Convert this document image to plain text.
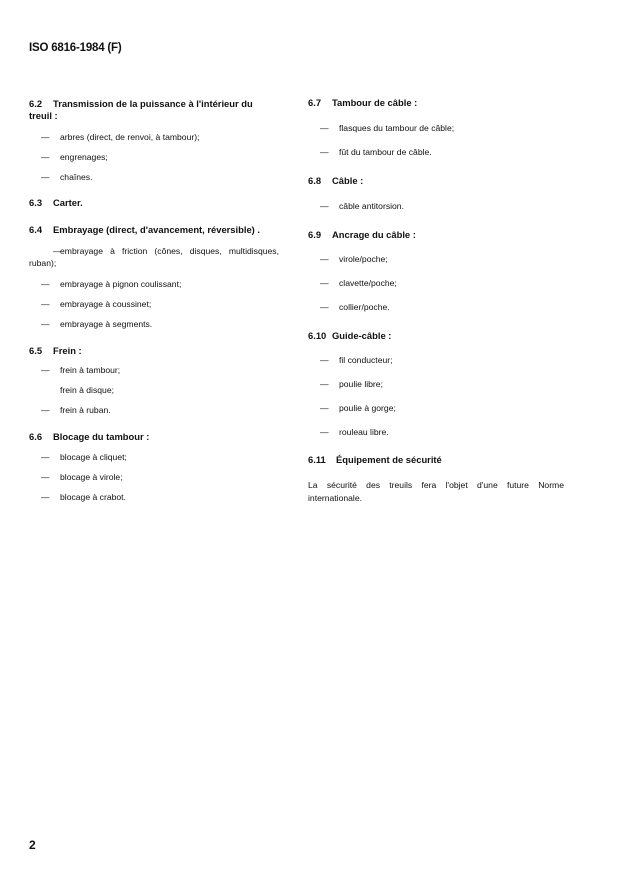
ISO 6816-1984 (F)
6.2 Transmission de la puissance à l'intérieur du treuil :
— arbres (direct, de renvoi, à tambour);
— engrenages;
— chaînes.
6.3 Carter.
6.4 Embrayage (direct, d'avancement, réversible) .
—embrayage à friction (cônes, disques, multidisques, ruban);
— embrayage à pignon coulissant;
— embrayage à coussinet;
— embrayage à segments.
6.5 Frein :
— frein à tambour;
frein à disque;
— frein à ruban.
6.6 Blocage du tambour :
— blocage à cliquet;
— blocage à virole;
— blocage à crabot.
6.7 Tambour de câble :
— flasques du tambour de câble;
— fût du tambour de câble.
6.8 Câble :
— câble antitorsion.
6.9 Ancrage du câble :
— virole/poche;
— clavette/poche;
— collier/poche.
6.10 Guide-câble :
— fil conducteur;
— poulie libre;
— poulie à gorge;
— rouleau libre.
6.11 Équipement de sécurité
La sécurité des treuils fera l'objet d'une future Norme internationale.
2
